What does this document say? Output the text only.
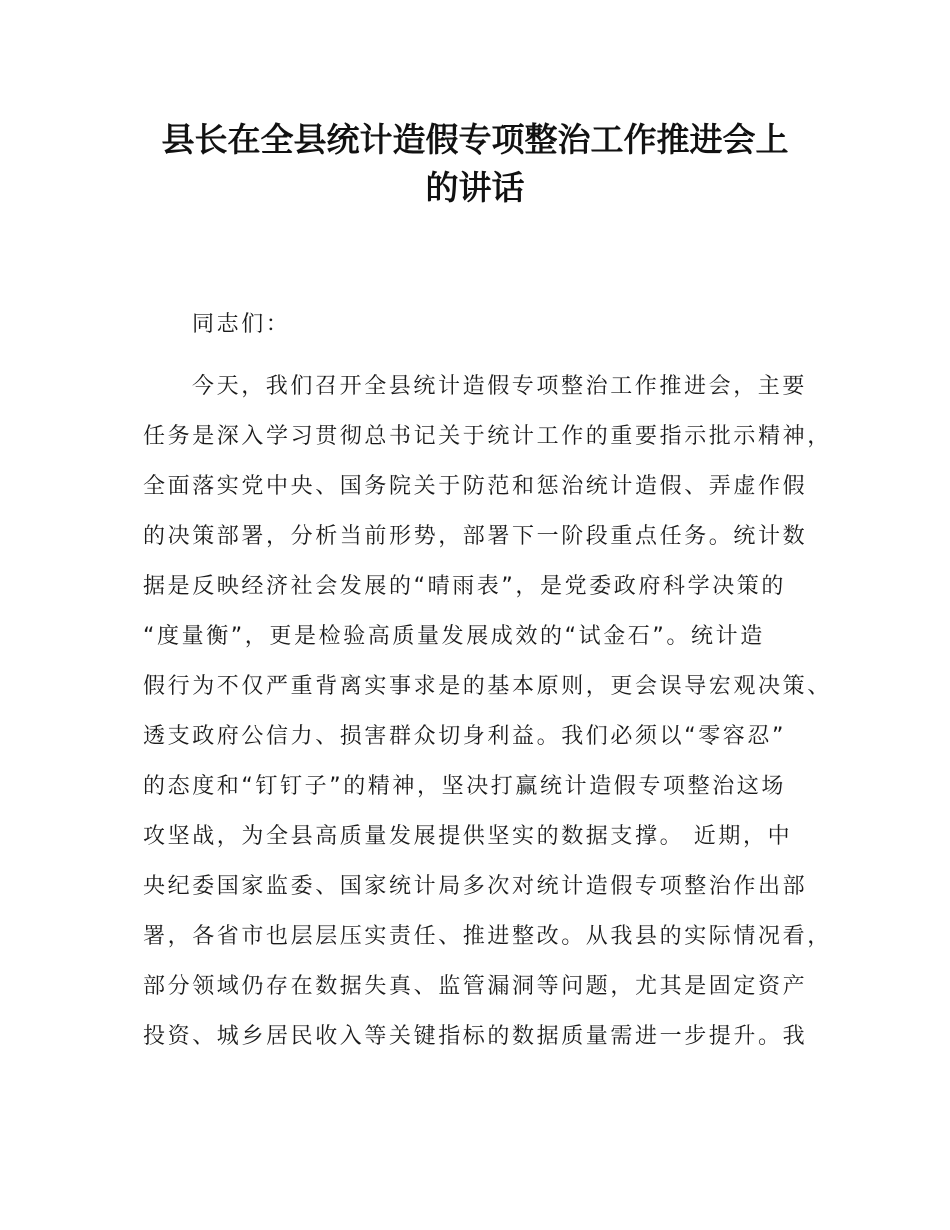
县长在全县统计造假专项整治工作推进会上
的讲话
同志们：
今天，我们召开全县统计造假专项整治工作推进会，主要
任务是深入学习贯彻总书记关于统计工作的重要指示批示精神，
全面落实党中央、国务院关于防范和惩治统计造假、弄虚作假
的决策部署，分析当前形势，部署下一阶段重点任务。统计数
据是反映经济社会发展的“晴雨表”，是党委政府科学决策的
“度量衡”，更是检验高质量发展成效的“试金石”。统计造
假行为不仅严重背离实事求是的基本原则，更会误导宏观决策、
透支政府公信力、损害群众切身利益。我们必须以“零容忍”
的态度和“钉钉子”的精神，坚决打赢统计造假专项整治这场
攻坚战，为全县高质量发展提供坚实的数据支撑。 近期，中
央纪委国家监委、国家统计局多次对统计造假专项整治作出部
署，各省市也层层压实责任、推进整改。从我县的实际情况看，
部分领域仍存在数据失真、监管漏洞等问题，尤其是固定资产
投资、城乡居民收入等关键指标的数据质量需进一步提升。我
